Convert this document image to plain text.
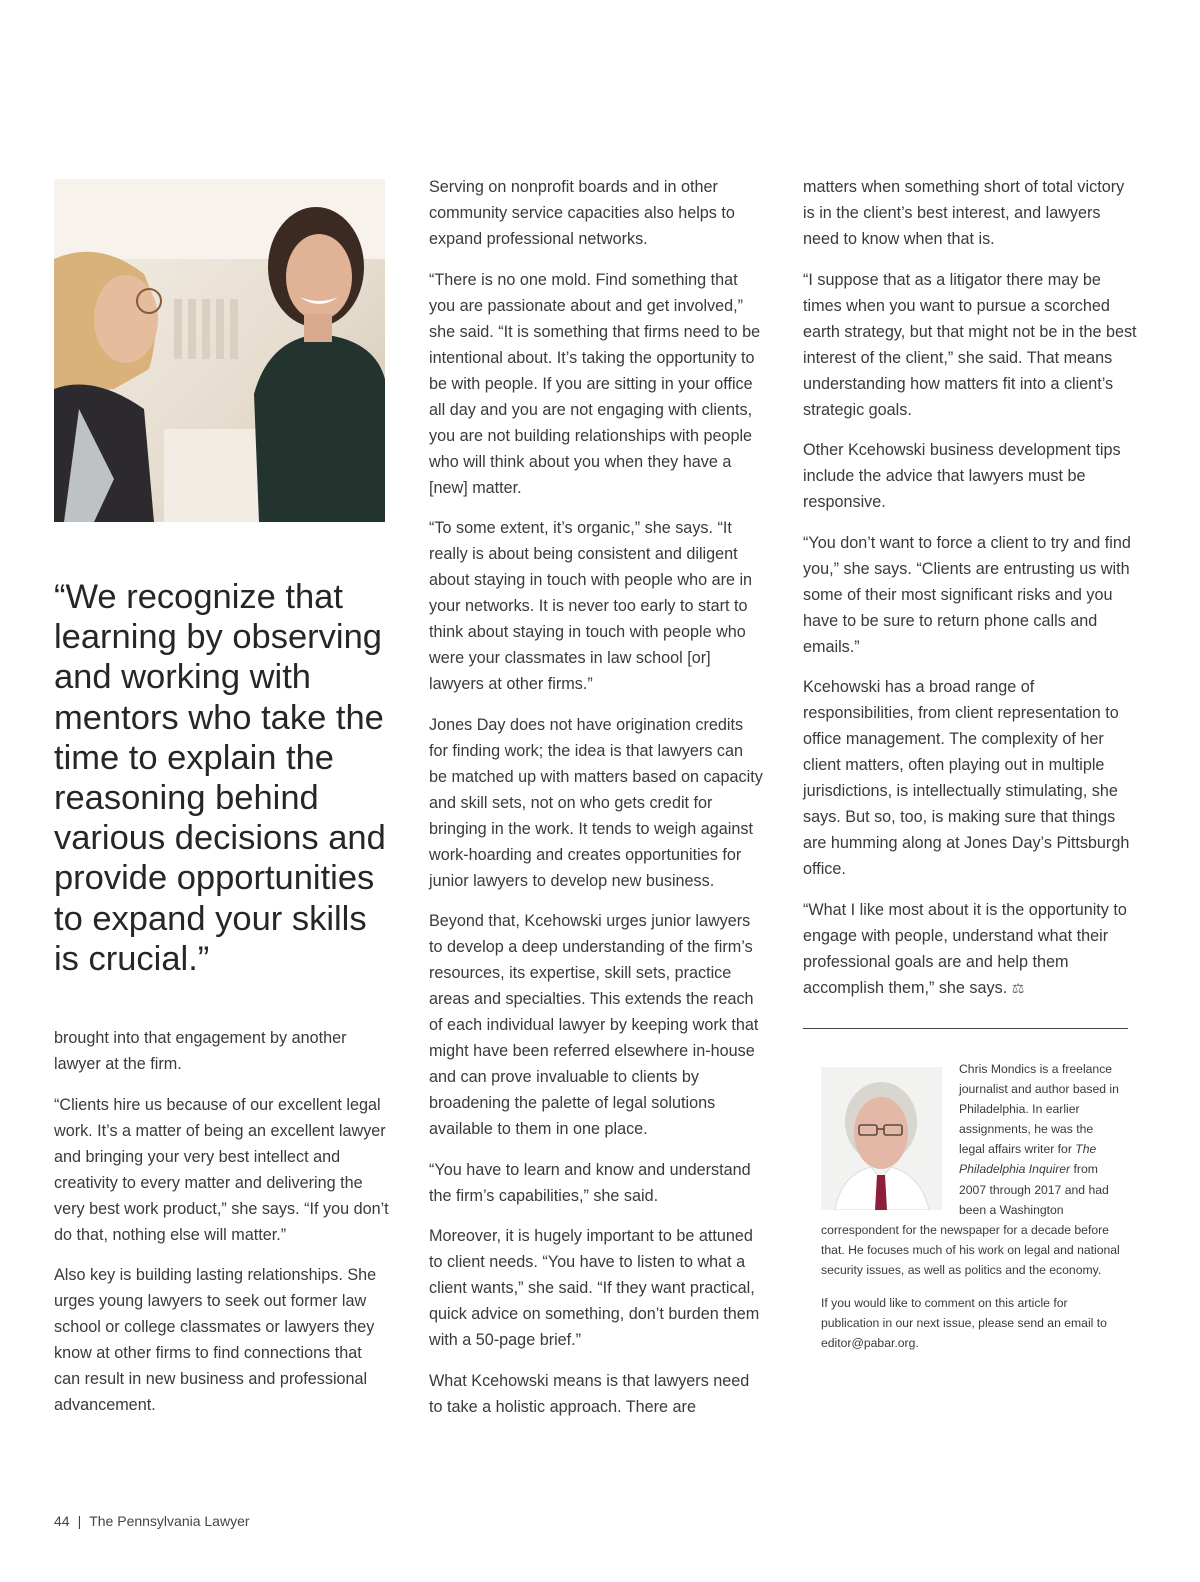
“We recognize that learning by observing and working with mentors who take the time to explain the reasoning behind various decisions and provide opportunities to expand your skills is crucial.”

brought into that engagement by another lawyer at the firm.

“Clients hire us because of our excellent legal work. It’s a matter of being an excellent lawyer and bringing your very best intellect and creativity to every matter and delivering the very best work product,” she says. “If you don’t do that, nothing else will matter.”

Also key is building lasting relationships. She urges young lawyers to seek out former law school or college classmates or lawyers they know at other firms to find connections that can result in new business and professional advancement.

Serving on nonprofit boards and in other community service capacities also helps to expand professional networks.

“There is no one mold. Find something that you are passionate about and get involved,” she said. “It is something that firms need to be intentional about. It’s taking the opportunity to be with people. If you are sitting in your office all day and you are not engaging with clients, you are not building relationships with people who will think about you when they have a [new] matter.

“To some extent, it’s organic,” she says. “It really is about being consistent and diligent about staying in touch with people who are in your networks. It is never too early to start to think about staying in touch with people who were your classmates in law school [or] lawyers at other firms.”

Jones Day does not have origination credits for finding work; the idea is that lawyers can be matched up with matters based on capacity and skill sets, not on who gets credit for bringing in the work. It tends to weigh against work-hoarding and creates opportunities for junior lawyers to develop new business.

Beyond that, Kcehowski urges junior lawyers to develop a deep understanding of the firm’s resources, its expertise, skill sets, practice areas and specialties. This extends the reach of each individual lawyer by keeping work that might have been referred elsewhere in-house and can prove invaluable to clients by broadening the palette of legal solutions available to them in one place.

“You have to learn and know and understand the firm’s capabilities,” she said.

Moreover, it is hugely important to be attuned to client needs. “You have to listen to what a client wants,” she said. “If they want practical, quick advice on something, don’t burden them with a 50-page brief.”

What Kcehowski means is that lawyers need to take a holistic approach. There are

matters when something short of total victory is in the client’s best interest, and lawyers need to know when that is.

“I suppose that as a litigator there may be times when you want to pursue a scorched earth strategy, but that might not be in the best interest of the client,” she said. That means understanding how matters fit into a client’s strategic goals.

Other Kcehowski business development tips include the advice that lawyers must be responsive.

“You don’t want to force a client to try and find you,” she says. “Clients are entrusting us with some of their most significant risks and you have to be sure to return phone calls and emails.”

Kcehowski has a broad range of responsibilities, from client representation to office management. The complexity of her client matters, often playing out in multiple jurisdictions, is intellectually stimulating, she says. But so, too, is making sure that things are humming along at Jones Day’s Pittsburgh office.

“What I like most about it is the opportunity to engage with people, understand what their professional goals are and help them accomplish them,” she says. ⚖

Chris Mondics is a freelance journalist and author based in Philadelphia. In earlier assignments, he was the legal affairs writer for The Philadelphia Inquirer from 2007 through 2017 and had been a Washington correspondent for the newspaper for a decade before that. He focuses much of his work on legal and national security issues, as well as politics and the economy.

If you would like to comment on this article for publication in our next issue, please send an email to editor@pabar.org.

44 | The Pennsylvania Lawyer
